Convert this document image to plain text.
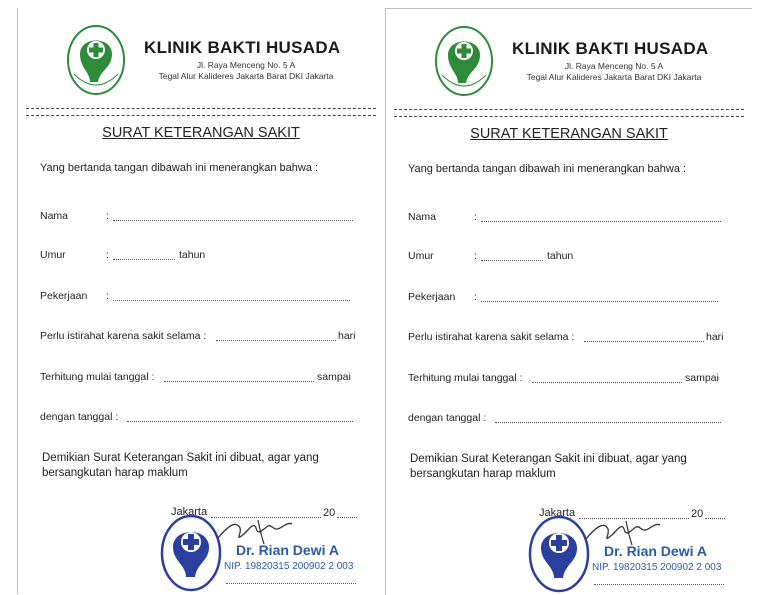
KLINIK BAKTI HUSADA
Jl. Raya Menceng No. 5 A
Tegal Alur Kalideres Jakarta Barat DKI Jakarta
SURAT KETERANGAN SAKIT
Yang bertanda tangan dibawah ini menerangkan bahwa :
Nama	:
Umur	:	tahun
Pekerjaan :
Perlu istirahat karena sakit selama :	hari
Terhitung mulai tanggal :	sampai
dengan tanggal :
Demikian Surat Keterangan Sakit ini dibuat, agar yang bersangkutan harap maklum
Jakarta	20
Dr. Rian Dewi A
NIP. 19820315 200902 2 003
KLINIK BAKTI HUSADA
Jl. Raya Menceng No. 5 A
Tegal Alur Kalideres Jakarta Barat DKI Jakarta
SURAT KETERANGAN SAKIT
Yang bertanda tangan dibawah ini menerangkan bahwa :
Nama	:
Umur	:	tahun
Pekerjaan :
Perlu istirahat karena sakit selama :	hari
Terhitung mulai tanggal :	sampai
dengan tanggal :
Demikian Surat Keterangan Sakit ini dibuat, agar yang bersangkutan harap maklum
Jakarta	20
Dr. Rian Dewi A
NIP. 19820315 200902 2 003
